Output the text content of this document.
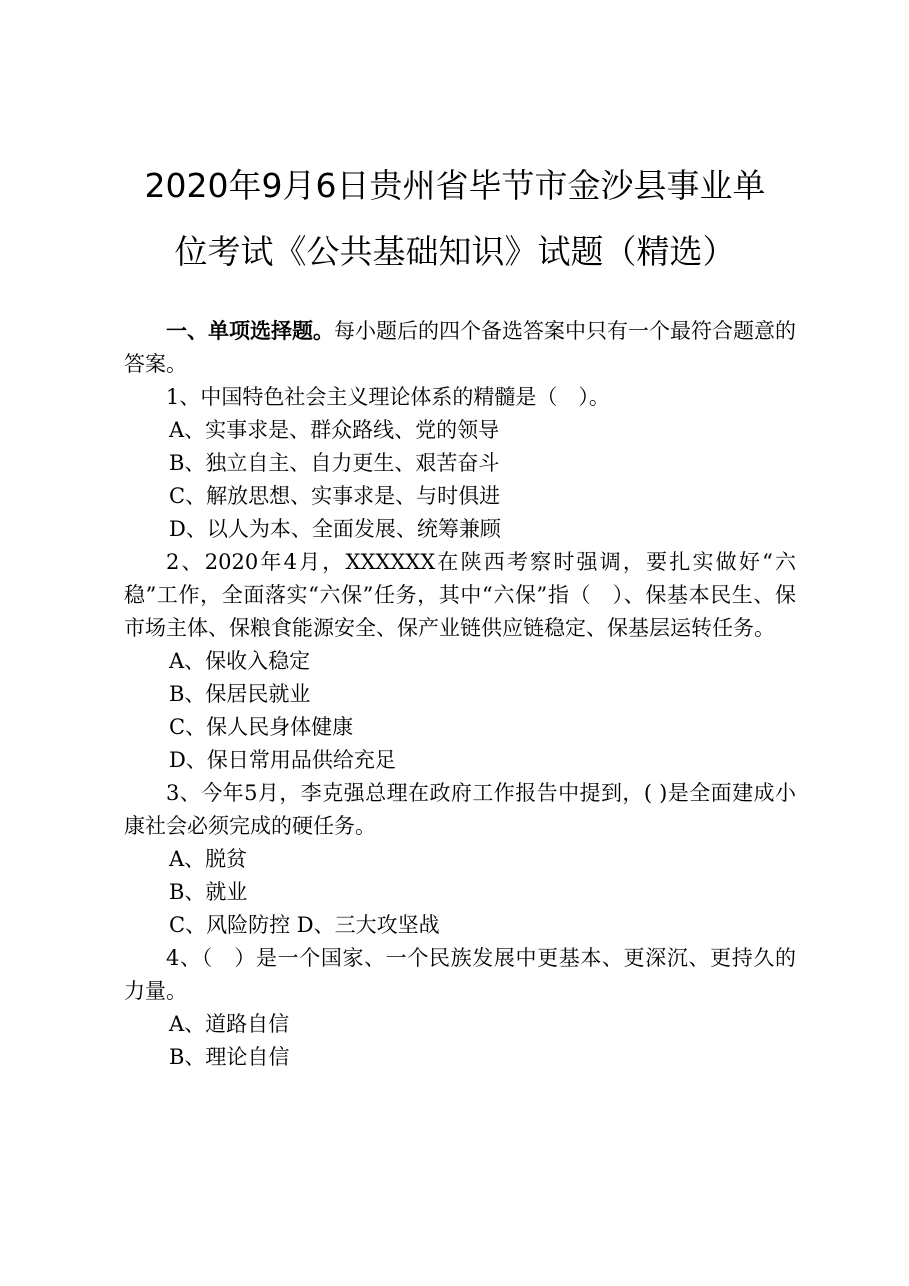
2020年9月6日贵州省毕节市金沙县事业单
位考试《公共基础知识》试题（精选）

一、单项选择题。每小题后的四个备选答案中只有一个最符合题意的答案。

1、中国特色社会主义理论体系的精髓是（　）。

A、实事求是、群众路线、党的领导

B、独立自主、自力更生、艰苦奋斗

C、解放思想、实事求是、与时俱进

D、以人为本、全面发展、统筹兼顾

2、2020年4月，XXXXXX在陕西考察时强调，要扎实做好“六稳”工作，全面落实“六保”任务，其中“六保”指（　）、保基本民生、保市场主体、保粮食能源安全、保产业链供应链稳定、保基层运转任务。

A、保收入稳定

B、保居民就业

C、保人民身体健康

D、保日常用品供给充足

3、今年5月，李克强总理在政府工作报告中提到，( )是全面建成小康社会必须完成的硬任务。

A、脱贫

B、就业

C、风险防控 D、三大攻坚战

4、（　）是一个国家、一个民族发展中更基本、更深沉、更持久的力量。

A、道路自信

B、理论自信
